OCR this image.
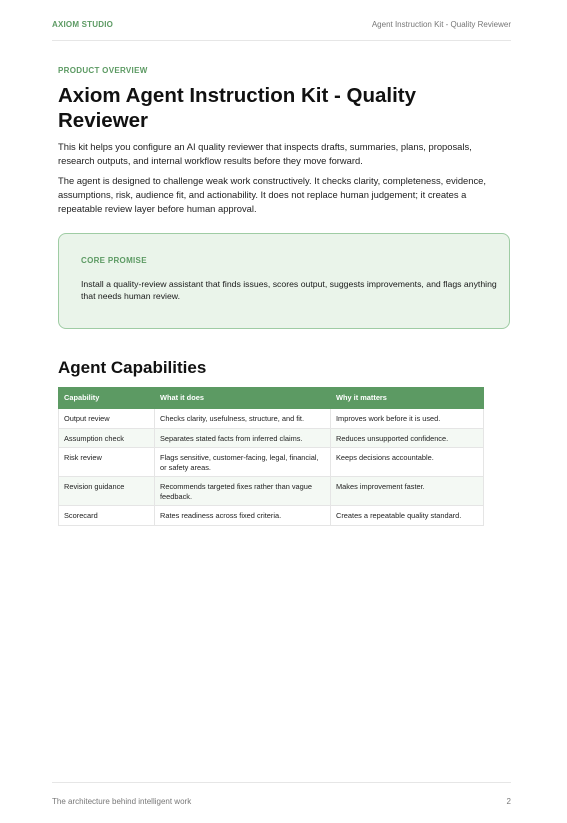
AXIOM STUDIO	Agent Instruction Kit - Quality Reviewer
PRODUCT OVERVIEW
Axiom Agent Instruction Kit - Quality Reviewer

This kit helps you configure an AI quality reviewer that inspects drafts, summaries, plans, proposals, research outputs, and internal workflow results before they move forward.

The agent is designed to challenge weak work constructively. It checks clarity, completeness, evidence, assumptions, risk, audience fit, and actionability. It does not replace human judgement; it creates a repeatable review layer before human approval.

CORE PROMISE

Install a quality-review assistant that finds issues, scores output, suggests improvements, and flags anything that needs human review.

Agent Capabilities
Capability	What it does	Why it matters
Output review	Checks clarity, usefulness, structure, and fit.	Improves work before it is used.
Assumption check	Separates stated facts from inferred claims.	Reduces unsupported confidence.
Risk review	Flags sensitive, customer-facing, legal, financial, or safety areas.	Keeps decisions accountable.
Revision guidance	Recommends targeted fixes rather than vague feedback.	Makes improvement faster.
Scorecard	Rates readiness across fixed criteria.	Creates a repeatable quality standard.
The architecture behind intelligent work	2
